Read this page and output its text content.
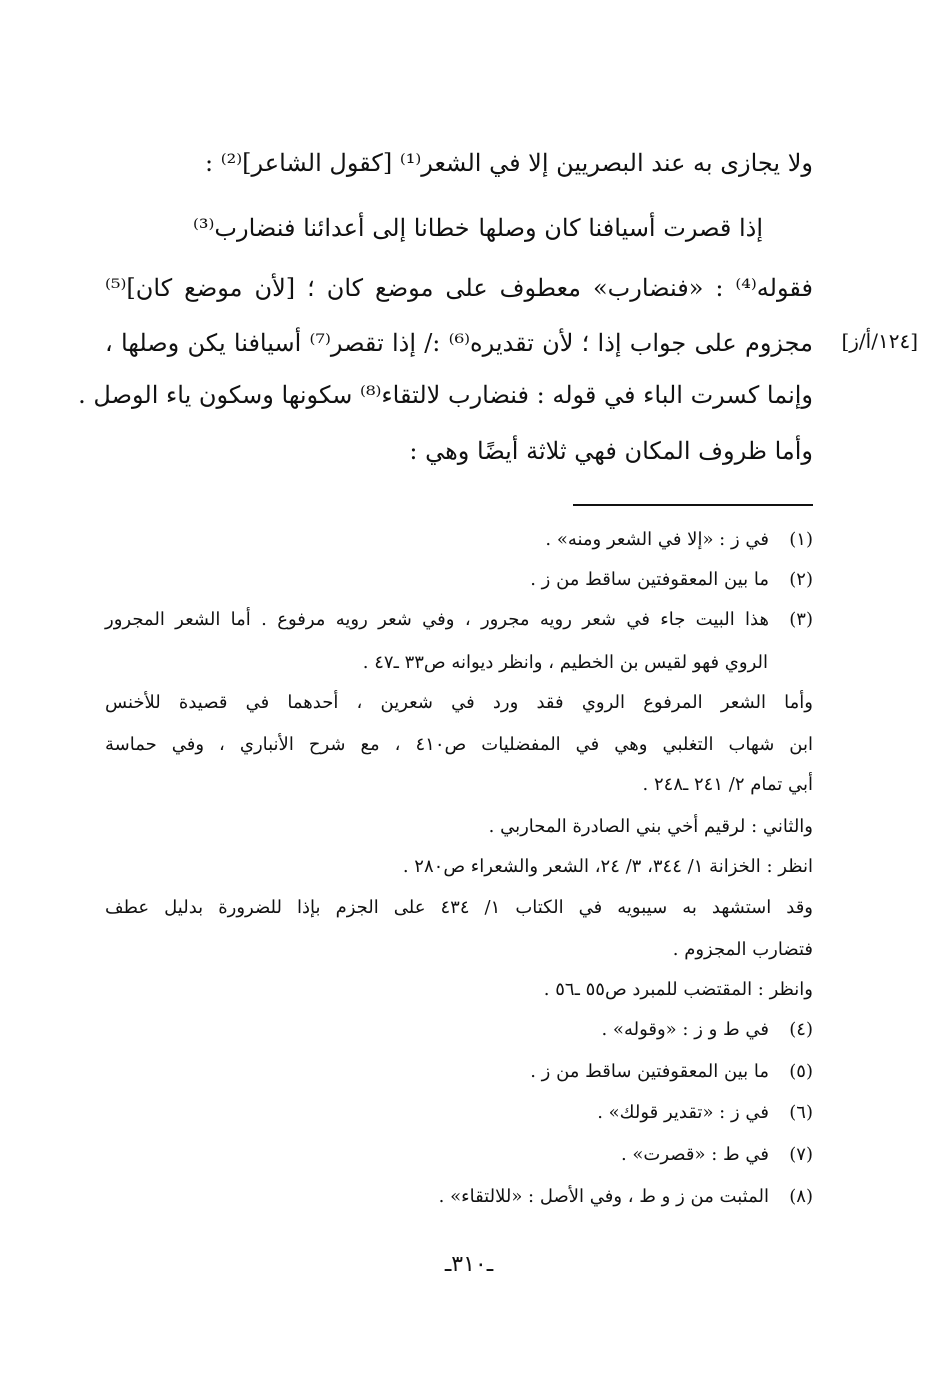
ولا يجازى به عند البصريين إلا في الشعر⁽¹⁾ [كقول الشاعر]⁽²⁾ :
إذا قصرت أسيافنا كان وصلها
خطانا إلى أعدائنا فنضارب⁽³⁾
فقوله⁽⁴⁾ : «فنضارب» معطوف على موضع كان ؛ [لأن موضع كان]⁽⁵⁾
مجزوم على جواب إذا ؛ لأن تقديره⁽⁶⁾ :/ إذا تقصر⁽⁷⁾ أسيافنا يكن وصلها ،
وإنما كسرت الباء في قوله : فنضارب لالتقاء⁽⁸⁾ سكونها وسكون ياء الوصل .
وأما ظروف المكان فهي ثلاثة أيضًا وهي :
[١٢٤/أ/ز]
(١)في ز : «إلا في الشعر ومنه» .
(٢)ما بين المعقوفتين ساقط من ز .
(٣)هذا البيت جاء في شعر رويه مجرور ، وفي شعر رويه مرفوع . أما الشعر المجرور
الروي فهو لقيس بن الخطيم ، وانظر ديوانه ص٣٣ ـ٤٧ .
وأما الشعر المرفوع الروي فقد ورد في شعرين ، أحدهما في قصيدة للأخنس
ابن شهاب التغلبي وهي في المفضليات ص٤١٠ ، مع شرح الأنباري ، وفي حماسة
أبي تمام ٢/ ٢٤١ ـ٢٤٨ .
والثاني : لرقيم أخي بني الصادرة المحاربي .
انظر : الخزانة ١/ ٣٤٤، ٣/ ٢٤، الشعر والشعراء ص٢٨٠ .
وقد استشهد به سيبويه في الكتاب ١/ ٤٣٤ على الجزم بإذا للضرورة بدليل عطف
فتضارب المجزوم .
وانظر : المقتضب للمبرد ص٥٥ ـ٥٦ .
(٤)في ط و ز : «وقوله» .
(٥)ما بين المعقوفتين ساقط من ز .
(٦)في ز : «تقدير قولك» .
(٧)في ط : «قصرت» .
(٨)المثبت من ز و ط ، وفي الأصل : «للالتقاء» .
ـ٣١٠ـ
